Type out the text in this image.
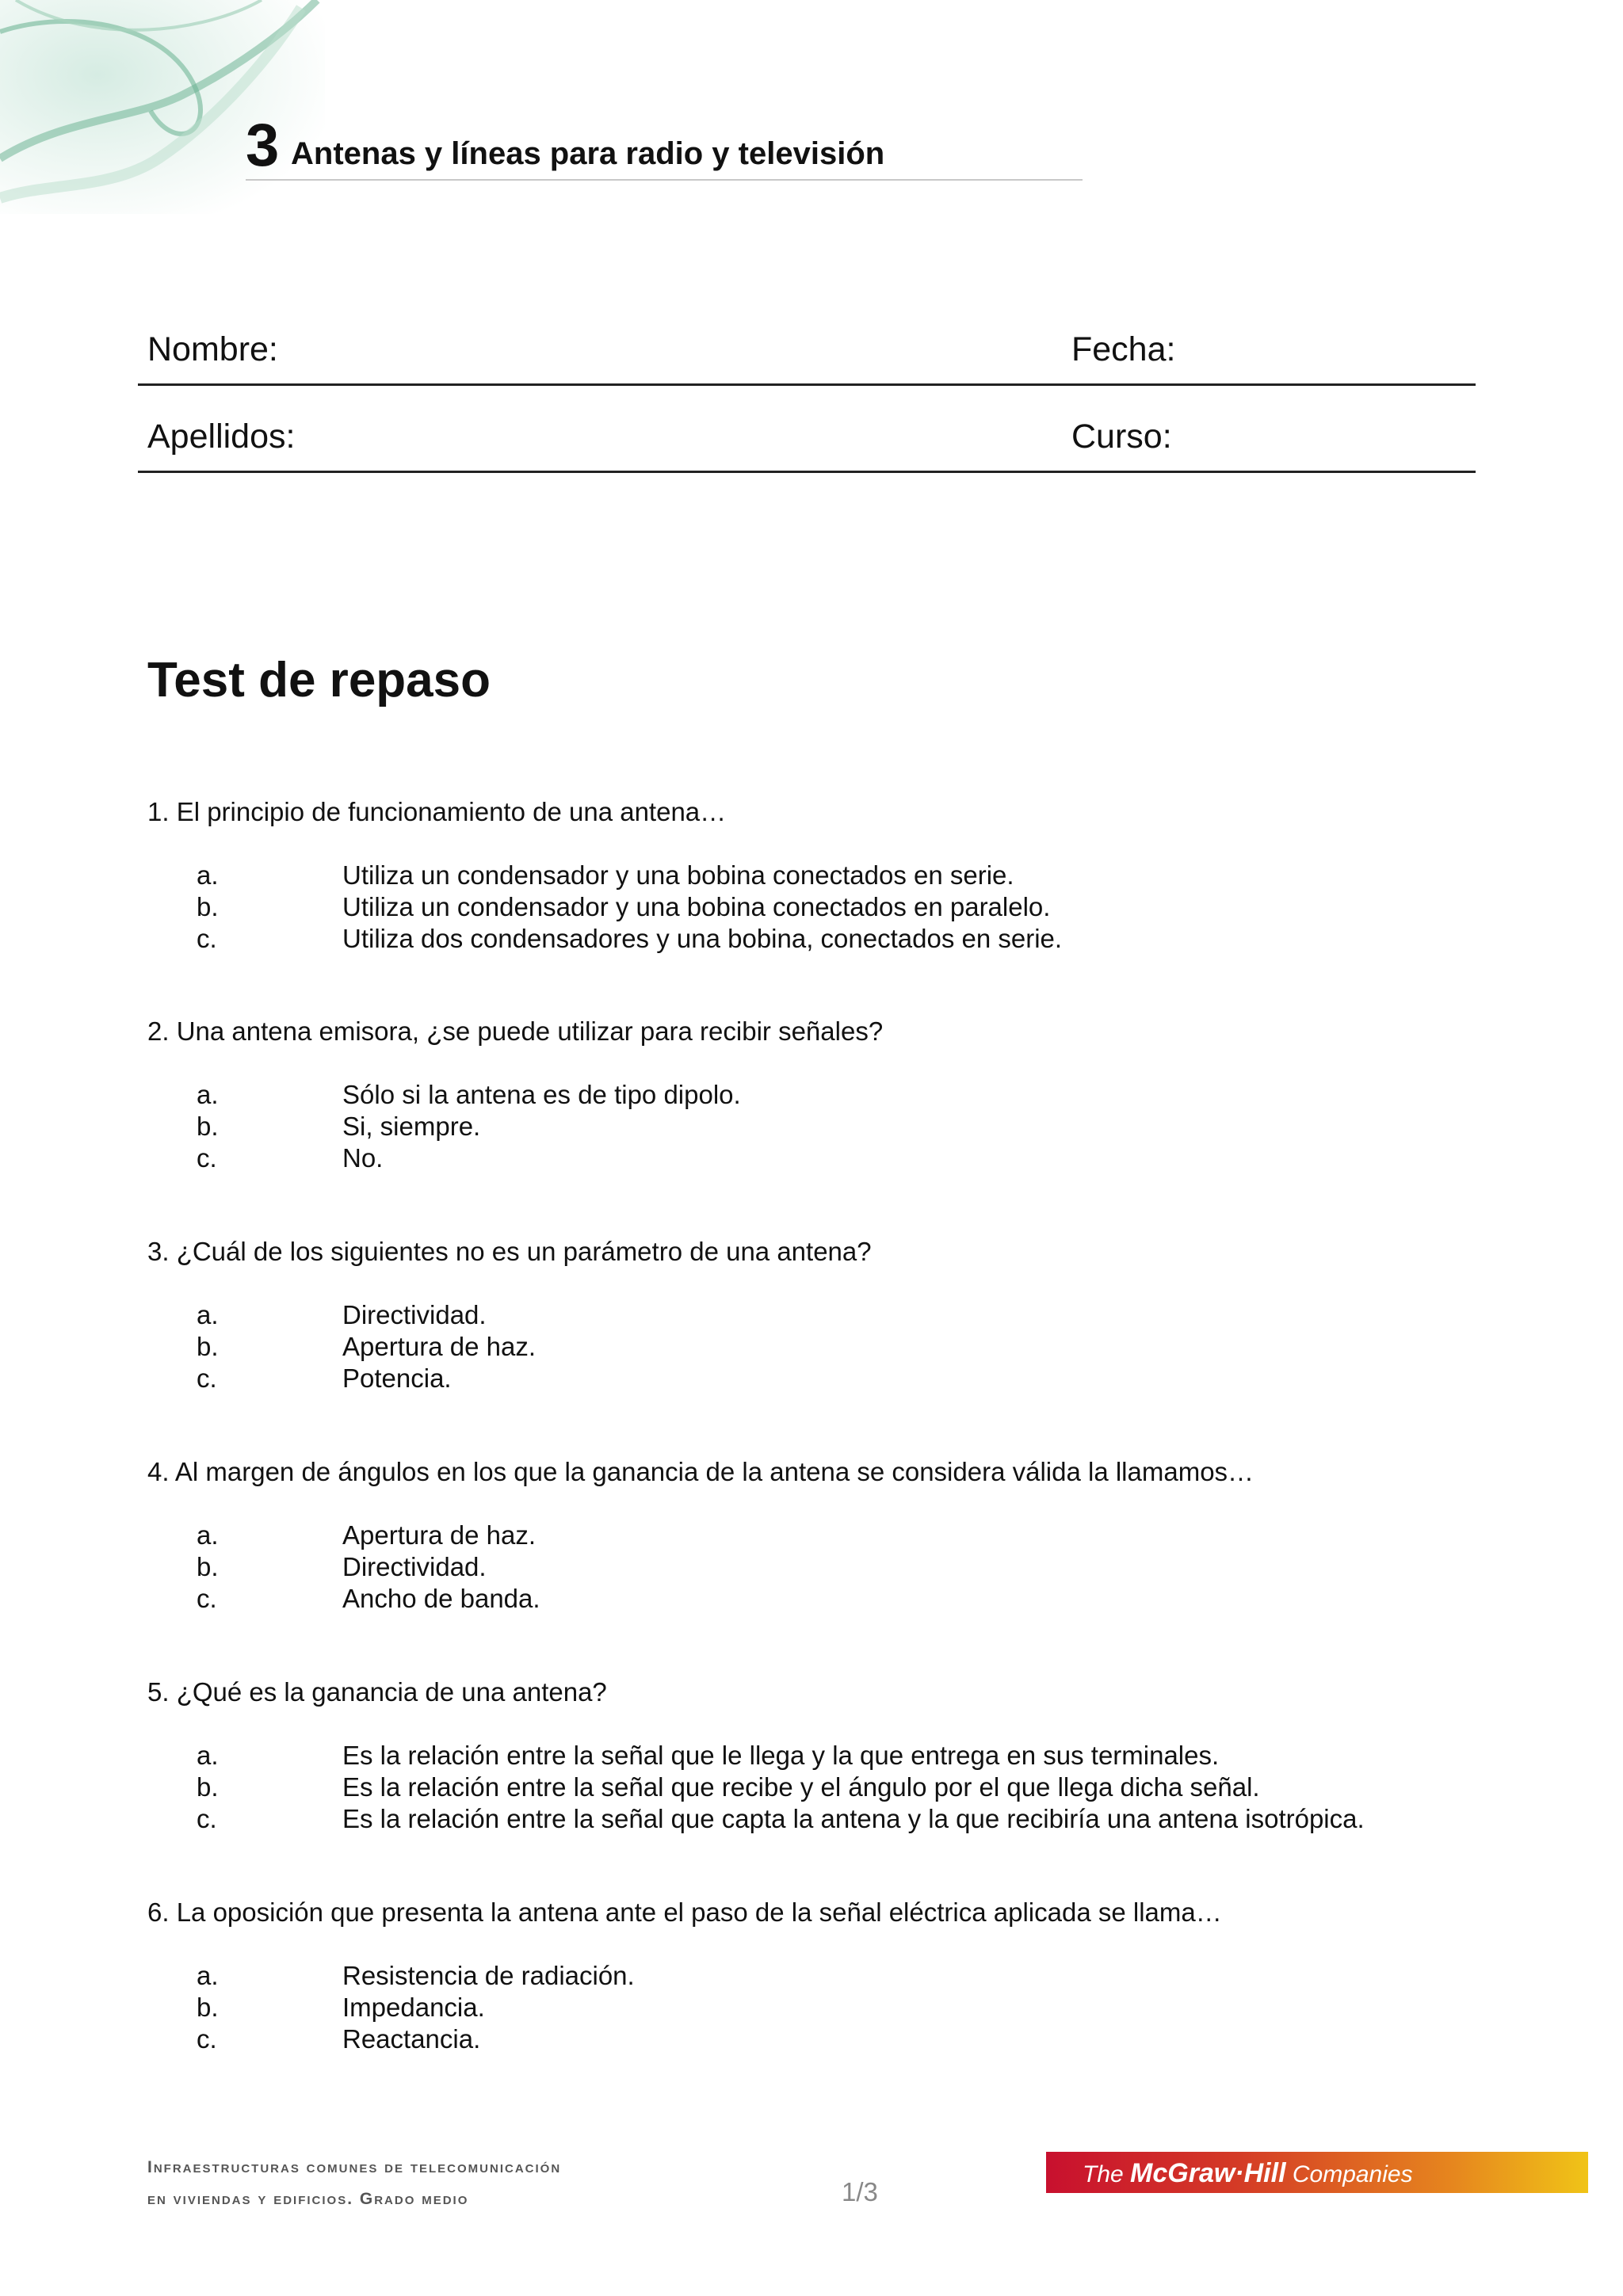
3 Antenas y líneas para radio y televisión
Nombre:	Fecha:
Apellidos:	Curso:
Test de repaso
1. El principio de funcionamiento de una antena…
a.	Utiliza un condensador y una bobina conectados en serie.
b.	Utiliza un condensador y una bobina conectados en paralelo.
c.	Utiliza dos condensadores y una bobina, conectados en serie.
2. Una antena emisora, ¿se puede utilizar para recibir señales?
a.	Sólo si la antena es de tipo dipolo.
b.	Si, siempre.
c.	No.
3. ¿Cuál de los siguientes no es un parámetro de una antena?
a.	Directividad.
b.	Apertura de haz.
c.	Potencia.
4. Al margen de ángulos en los que la ganancia de la antena se considera válida la llamamos…
a.	Apertura de haz.
b.	Directividad.
c.	Ancho de banda.
5. ¿Qué es la ganancia de una antena?
a.	Es la relación entre la señal que le llega y la que entrega en sus terminales.
b.	Es la relación entre la señal que recibe y el ángulo por el que llega dicha señal.
c.	Es la relación entre la señal que capta la antena y la que recibiría una antena isotrópica.
6. La oposición que presenta la antena ante el paso de la señal eléctrica aplicada se llama…
a.	Resistencia de radiación.
b.	Impedancia.
c.	Reactancia.
Infraestructuras comunes de telecomunicación
en viviendas y edificios. Grado medio	1/3
The McGraw·Hill Companies
